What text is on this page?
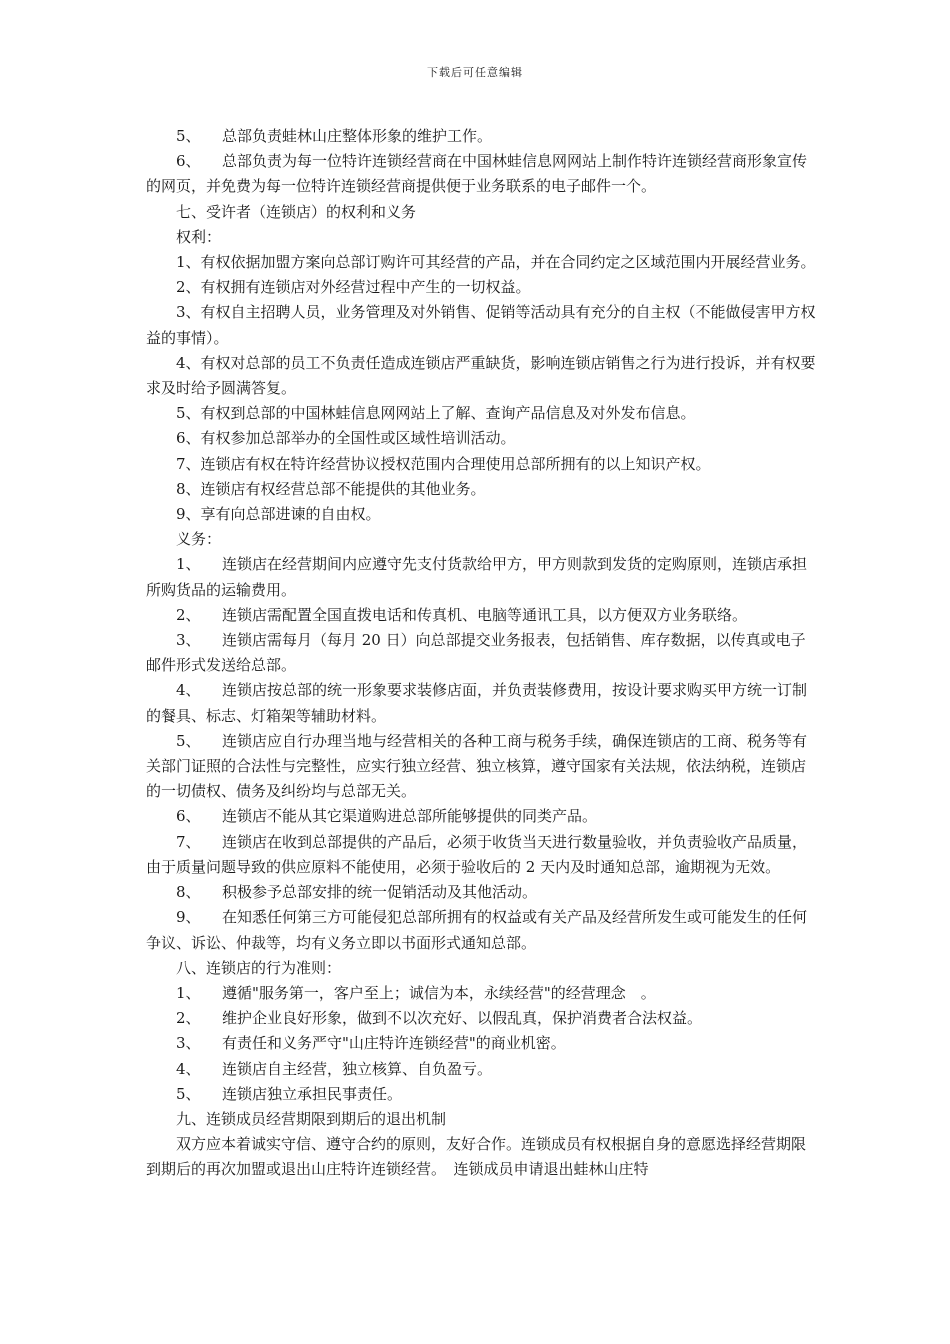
下载后可任意编辑

5、 总部负责蛙林山庄整体形象的维护工作。

6、 总部负责为每一位特许连锁经营商在中国林蛙信息网网站上制作特许连锁经营商形象宣传的网页，并免费为每一位特许连锁经营商提供便于业务联系的电子邮件一个。

七、受许者（连锁店）的权利和义务

权利：

1、有权依据加盟方案向总部订购许可其经营的产品，并在合同约定之区域范围内开展经营业务。

2、有权拥有连锁店对外经营过程中产生的一切权益。

3、有权自主招聘人员，业务管理及对外销售、促销等活动具有充分的自主权（不能做侵害甲方权益的事情）。

4、有权对总部的员工不负责任造成连锁店严重缺货，影响连锁店销售之行为进行投诉，并有权要求及时给予圆满答复。

5、有权到总部的中国林蛙信息网网站上了解、查询产品信息及对外发布信息。

6、有权参加总部举办的全国性或区域性培训活动。

7、连锁店有权在特许经营协议授权范围内合理使用总部所拥有的以上知识产权。

8、连锁店有权经营总部不能提供的其他业务。

9、享有向总部进谏的自由权。

义务：

1、 连锁店在经营期间内应遵守先支付货款给甲方，甲方则款到发货的定购原则，连锁店承担所购货品的运输费用。

2、 连锁店需配置全国直拨电话和传真机、电脑等通讯工具，以方便双方业务联络。

3、 连锁店需每月（每月 20 日）向总部提交业务报表，包括销售、库存数据，以传真或电子邮件形式发送给总部。

4、 连锁店按总部的统一形象要求装修店面，并负责装修费用，按设计要求购买甲方统一订制的餐具、标志、灯箱架等辅助材料。

5、 连锁店应自行办理当地与经营相关的各种工商与税务手续，确保连锁店的工商、税务等有关部门证照的合法性与完整性，应实行独立经营、独立核算，遵守国家有关法规，依法纳税，连锁店的一切债权、债务及纠纷均与总部无关。

6、 连锁店不能从其它渠道购进总部所能够提供的同类产品。

7、 连锁店在收到总部提供的产品后，必须于收货当天进行数量验收，并负责验收产品质量，由于质量问题导致的供应原料不能使用，必须于验收后的 2 天内及时通知总部，逾期视为无效。

8、 积极参予总部安排的统一促销活动及其他活动。

9、 在知悉任何第三方可能侵犯总部所拥有的权益或有关产品及经营所发生或可能发生的任何争议、诉讼、仲裁等，均有义务立即以书面形式通知总部。

八、连锁店的行为准则：

1、 遵循"服务第一，客户至上；诚信为本，永续经营"的经营理念　。

2、 维护企业良好形象，做到不以次充好、以假乱真，保护消费者合法权益。

3、 有责任和义务严守"山庄特许连锁经营"的商业机密。

4、 连锁店自主经营，独立核算、自负盈亏。

5、 连锁店独立承担民事责任。

九、连锁成员经营期限到期后的退出机制

双方应本着诚实守信、遵守合约的原则，友好合作。连锁成员有权根据自身的意愿选择经营期限到期后的再次加盟或退出山庄特许连锁经营。　连锁成员申请退出蛙林山庄特
